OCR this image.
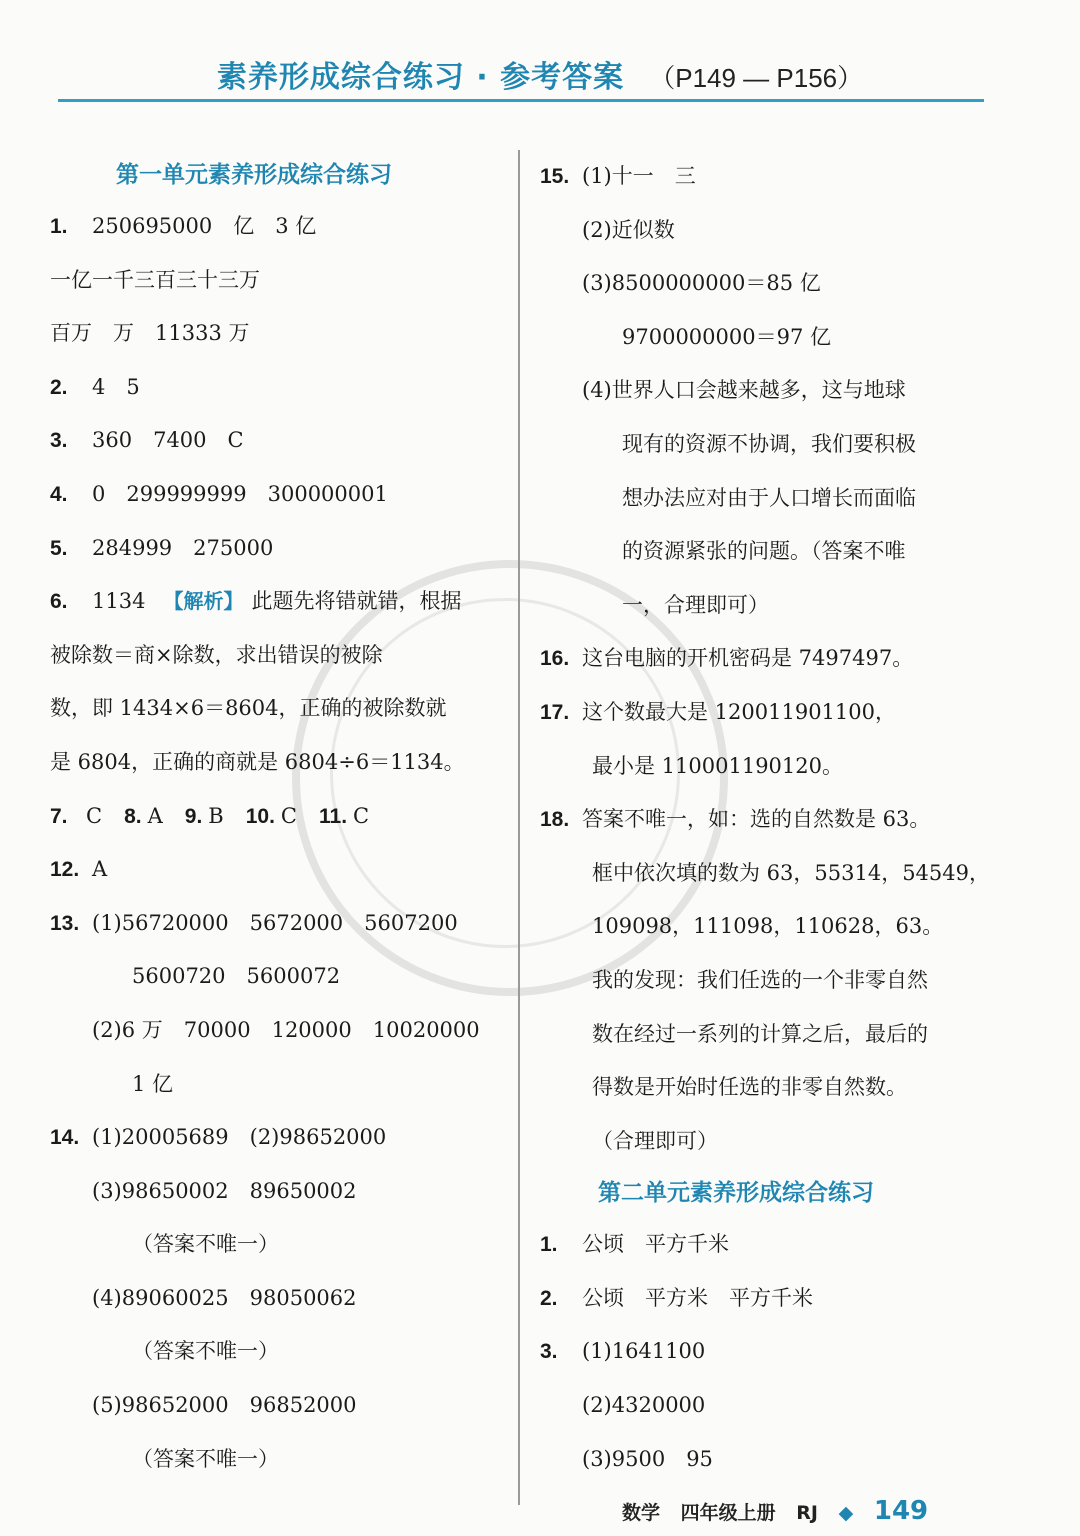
素养形成综合练习 · 参考答案 （P149 — P156）
第一单元素养形成综合练习
1. 250695000　亿　3 亿
一亿一千三百三十三万
百万　万　11333 万
2. 4　5
3. 360　7400　C
4. 0　299999999　300000001
5. 284999　275000
6. 1134 【解析】 此题先将错就错，根据
被除数＝商×除数，求出错误的被除
数，即 1434×6＝8604，正确的被除数就
是 6804，正确的商就是 6804÷6＝1134。
7. C 8. A 9. B 10. C 11. C
12. A
13. (1)56720000　5672000　5607200
5600720　5600072
(2)6 万　70000　120000　10020000
1 亿
14. (1)20005689　(2)98652000
(3)98650002　89650002
（答案不唯一）
(4)89060025　98050062
（答案不唯一）
(5)98652000　96852000
（答案不唯一）
15. (1)十一　三
(2)近似数
(3)8500000000＝85 亿
9700000000＝97 亿
(4)世界人口会越来越多，这与地球
现有的资源不协调，我们要积极
想办法应对由于人口增长而面临
的资源紧张的问题。（答案不唯
一，合理即可）
16. 这台电脑的开机密码是 7497497。
17. 这个数最大是 120011901100，
最小是 110001190120。
18. 答案不唯一，如：选的自然数是 63。
框中依次填的数为 63，55314，54549，
109098，111098，110628，63。
我的发现：我们任选的一个非零自然
数在经过一系列的计算之后，最后的
得数是开始时任选的非零自然数。
（合理即可）
第二单元素养形成综合练习
1. 公顷　平方千米
2. 公顷　平方米　平方千米
3. (1)1641100
(2)4320000
(3)9500　95
数学 四年级上册 RJ ◆ 149
